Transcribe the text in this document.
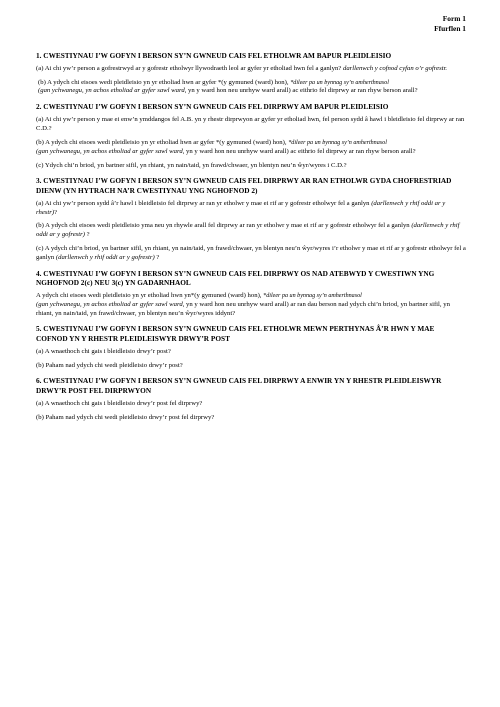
Form 1
Ffurflen 1
1. CWESTIYNAU I’W GOFYN I BERSON SY’N GWNEUD CAIS FEL ETHOLWR AM BAPUR PLEIDLEISIO
(a) Ai chi yw’r person a gofrestrwyd ar y gofrestr etholwyr llywodraeth leol ar gyfer yr etholiad hwn fel a ganlyn? darllenwch y cofnod cyfan o’r gofrestr.
(b) A ydych chi eisoes wedi pleidleisio yn yr etholiad hwn ar gyfer *(y gymuned (ward) hon), *dileer pa un bynnag sy’n amherthnasol
(gan ychwanegu, yn achos etholiad ar gyfer sawl ward, yn y ward hon neu unrhyw ward arall) ac eithrio fel dirprwy ar ran rhyw berson arall?
2. CWESTIYNAU I’W GOFYN I BERSON SY’N GWNEUD CAIS FEL DIRPRWY AM BAPUR PLEIDLEISIO
(a) Ai chi yw’r person y mae ei enw’n ymddangos fel A.B. yn y rhestr dirprwyon ar gyfer yr etholiad hwn, fel person sydd â hawl i bleidleisio fel dirprwy ar ran C.D.?
(b) A ydych chi eisoes wedi pleidleisio yn yr etholiad hwn ar gyfer *(y gymuned (ward) hon), *dileer pa un bynnag sy’n amherthnasol
(gan ychwanegu, yn achos etholiad ar gyfer sawl ward, yn y ward hon neu unrhyw ward arall) ac eithrio fel dirprwy ar ran rhyw berson arall?
(c) Ydych chi’n briod, yn bartner sifil, yn rhiant, yn nain/taid, yn frawd/chwaer, yn blentyn neu’n ŵyr/wyres i C.D.?
3. CWESTIYNAU I’W GOFYN I BERSON SY’N GWNEUD CAIS FEL DIRPRWY AR RAN ETHOLWR GYDA CHOFRESTRIAD DIENW (YN HYTRACH NA’R CWESTIYNAU YNG NGHOFNOD 2)
(a) Ai chi yw’r person sydd â’r hawl i bleidleisio fel dirprwy ar ran yr etholwr y mae ei rif ar y gofrestr etholwyr fel a ganlyn (darllenwch y rhif oddi ar y rhestr)?
(b) A ydych chi eisoes wedi pleidleisio yma neu yn rhywle arall fel dirprwy ar ran yr etholwr y mae ei rif ar y gofrestr etholwyr fel a ganlyn (darllenwch y rhif oddi ar y gofrestr) ?
(c) A ydych chi’n briod, yn bartner sifil, yn rhiant, yn nain/taid, yn frawd/chwaer, yn blentyn neu’n ŵyr/wyres i’r etholwr y mae ei rif ar y gofrestr etholwyr fel a ganlyn (darllenwch y rhif oddi ar y gofrestr) ?
4. CWESTIYNAU I’W GOFYN I BERSON SY’N GWNEUD CAIS FEL DIRPRWY OS NAD ATEBWYD Y CWESTIWN YNG NGHOFNOD 2(c) NEU 3(c) YN GADARNHAOL
A ydych chi eisoes wedi pleidleisio yn yr etholiad hwn yn*(y gymuned (ward) hon), *dileer pa un bynnag sy’n amherthnasol
(gan ychwanegu, yn achos etholiad ar gyfer sawl ward, yn y ward hon neu unrhyw ward arall) ar ran dau berson nad ydych chi’n briod, yn bartner sifil, yn rhiant, yn nain/taid, yn frawd/chwaer, yn blentyn neu’n ŵyr/wyres iddynt?
5. CWESTIYNAU I’W GOFYN I BERSON SY’N GWNEUD CAIS FEL ETHOLWR MEWN PERTHYNAS Â’R HWN Y MAE COFNOD YN Y RHESTR PLEIDLEISWYR DRWY’R POST
(a) A wnaethoch chi gais i bleidleisio drwy’r post?
(b) Paham nad ydych chi wedi pleidleisio drwy’r post?
6. CWESTIYNAU I’W GOFYN I BERSON SY’N GWNEUD CAIS FEL DIRPRWY A ENWIR YN Y RHESTR PLEIDLEISWYR DRWY’R POST FEL DIRPRWYON
(a) A wnaethoch chi gais i bleidleisio drwy’r post fel dirprwy?
(b) Paham nad ydych chi wedi pleidleisio drwy’r post fel dirprwy?
